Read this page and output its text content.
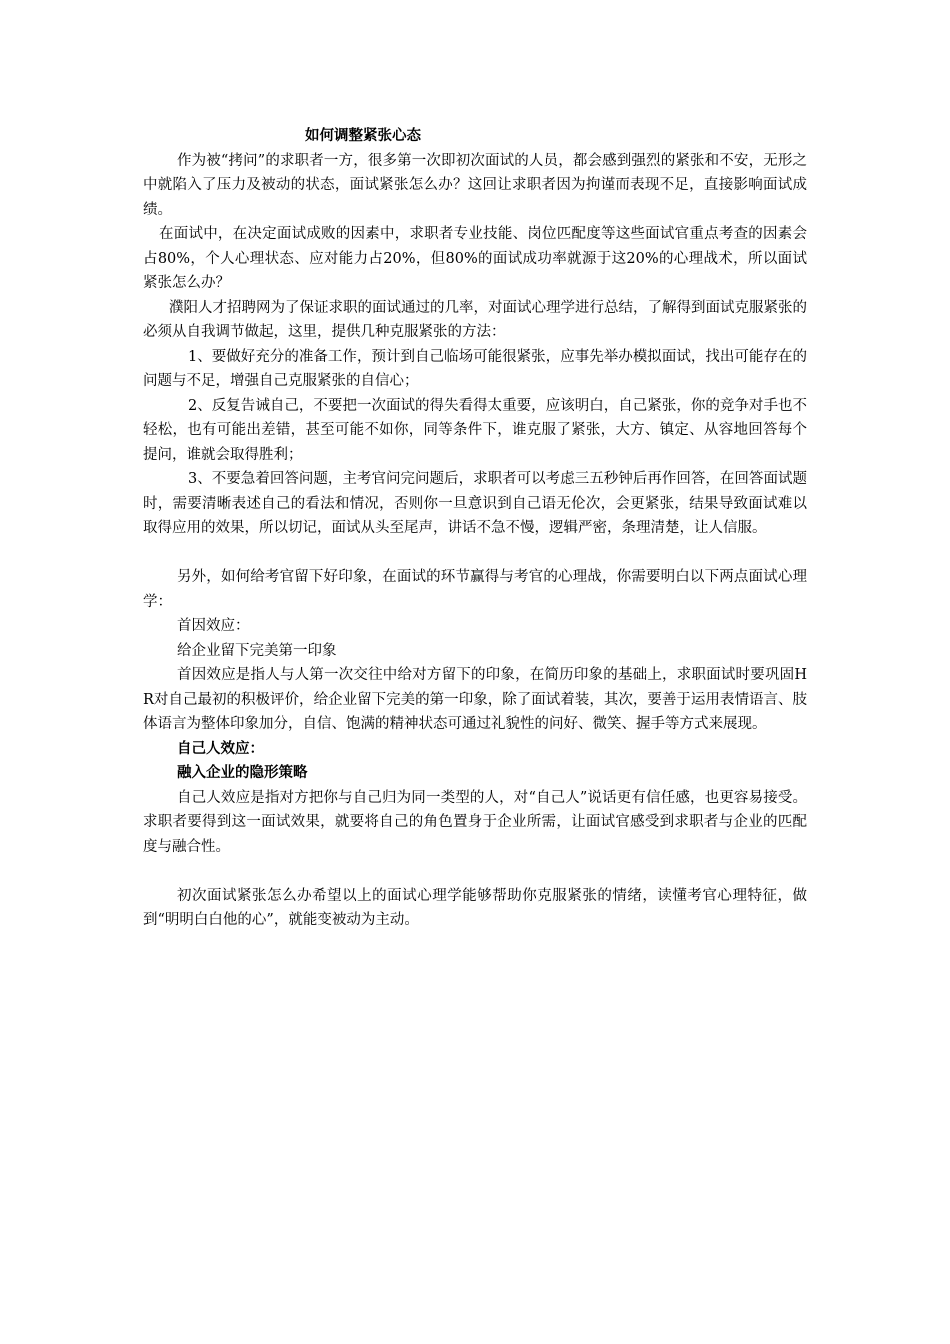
如何调整紧张心态

作为被“拷问”的求职者一方，很多第一次即初次面试的人员，都会感到强烈的紧张和不安，无形之中就陷入了压力及被动的状态，面试紧张怎么办？这回让求职者因为拘谨而表现不足，直接影响面试成绩。

在面试中，在决定面试成败的因素中，求职者专业技能、岗位匹配度等这些面试官重点考查的因素会占80%，个人心理状态、应对能力占20%，但80%的面试成功率就源于这20%的心理战术，所以面试紧张怎么办？

濮阳人才招聘网为了保证求职的面试通过的几率，对面试心理学进行总结，了解得到面试克服紧张的必须从自我调节做起，这里，提供几种克服紧张的方法：

1、要做好充分的准备工作，预计到自己临场可能很紧张，应事先举办模拟面试，找出可能存在的问题与不足，增强自己克服紧张的自信心；

2、反复告诫自己，不要把一次面试的得失看得太重要，应该明白，自己紧张，你的竞争对手也不轻松，也有可能出差错，甚至可能不如你，同等条件下，谁克服了紧张，大方、镇定、从容地回答每个提问，谁就会取得胜利；

3、不要急着回答问题，主考官问完问题后，求职者可以考虑三五秒钟后再作回答，在回答面试题时，需要清晰表述自己的看法和情况，否则你一旦意识到自己语无伦次，会更紧张，结果导致面试难以取得应用的效果，所以切记，面试从头至尾声，讲话不急不慢，逻辑严密，条理清楚，让人信服。

另外，如何给考官留下好印象，在面试的环节赢得与考官的心理战，你需要明白以下两点面试心理学：

首因效应：

给企业留下完美第一印象

首因效应是指人与人第一次交往中给对方留下的印象，在简历印象的基础上，求职面试时要巩固HR对自己最初的积极评价，给企业留下完美的第一印象，除了面试着装，其次，要善于运用表情语言、肢体语言为整体印象加分，自信、饱满的精神状态可通过礼貌性的问好、微笑、握手等方式来展现。

自己人效应：

融入企业的隐形策略

自己人效应是指对方把你与自己归为同一类型的人，对“自己人”说话更有信任感，也更容易接受。求职者要得到这一面试效果，就要将自己的角色置身于企业所需，让面试官感受到求职者与企业的匹配度与融合性。

初次面试紧张怎么办希望以上的面试心理学能够帮助你克服紧张的情绪，读懂考官心理特征，做到“明明白白他的心”，就能变被动为主动。
